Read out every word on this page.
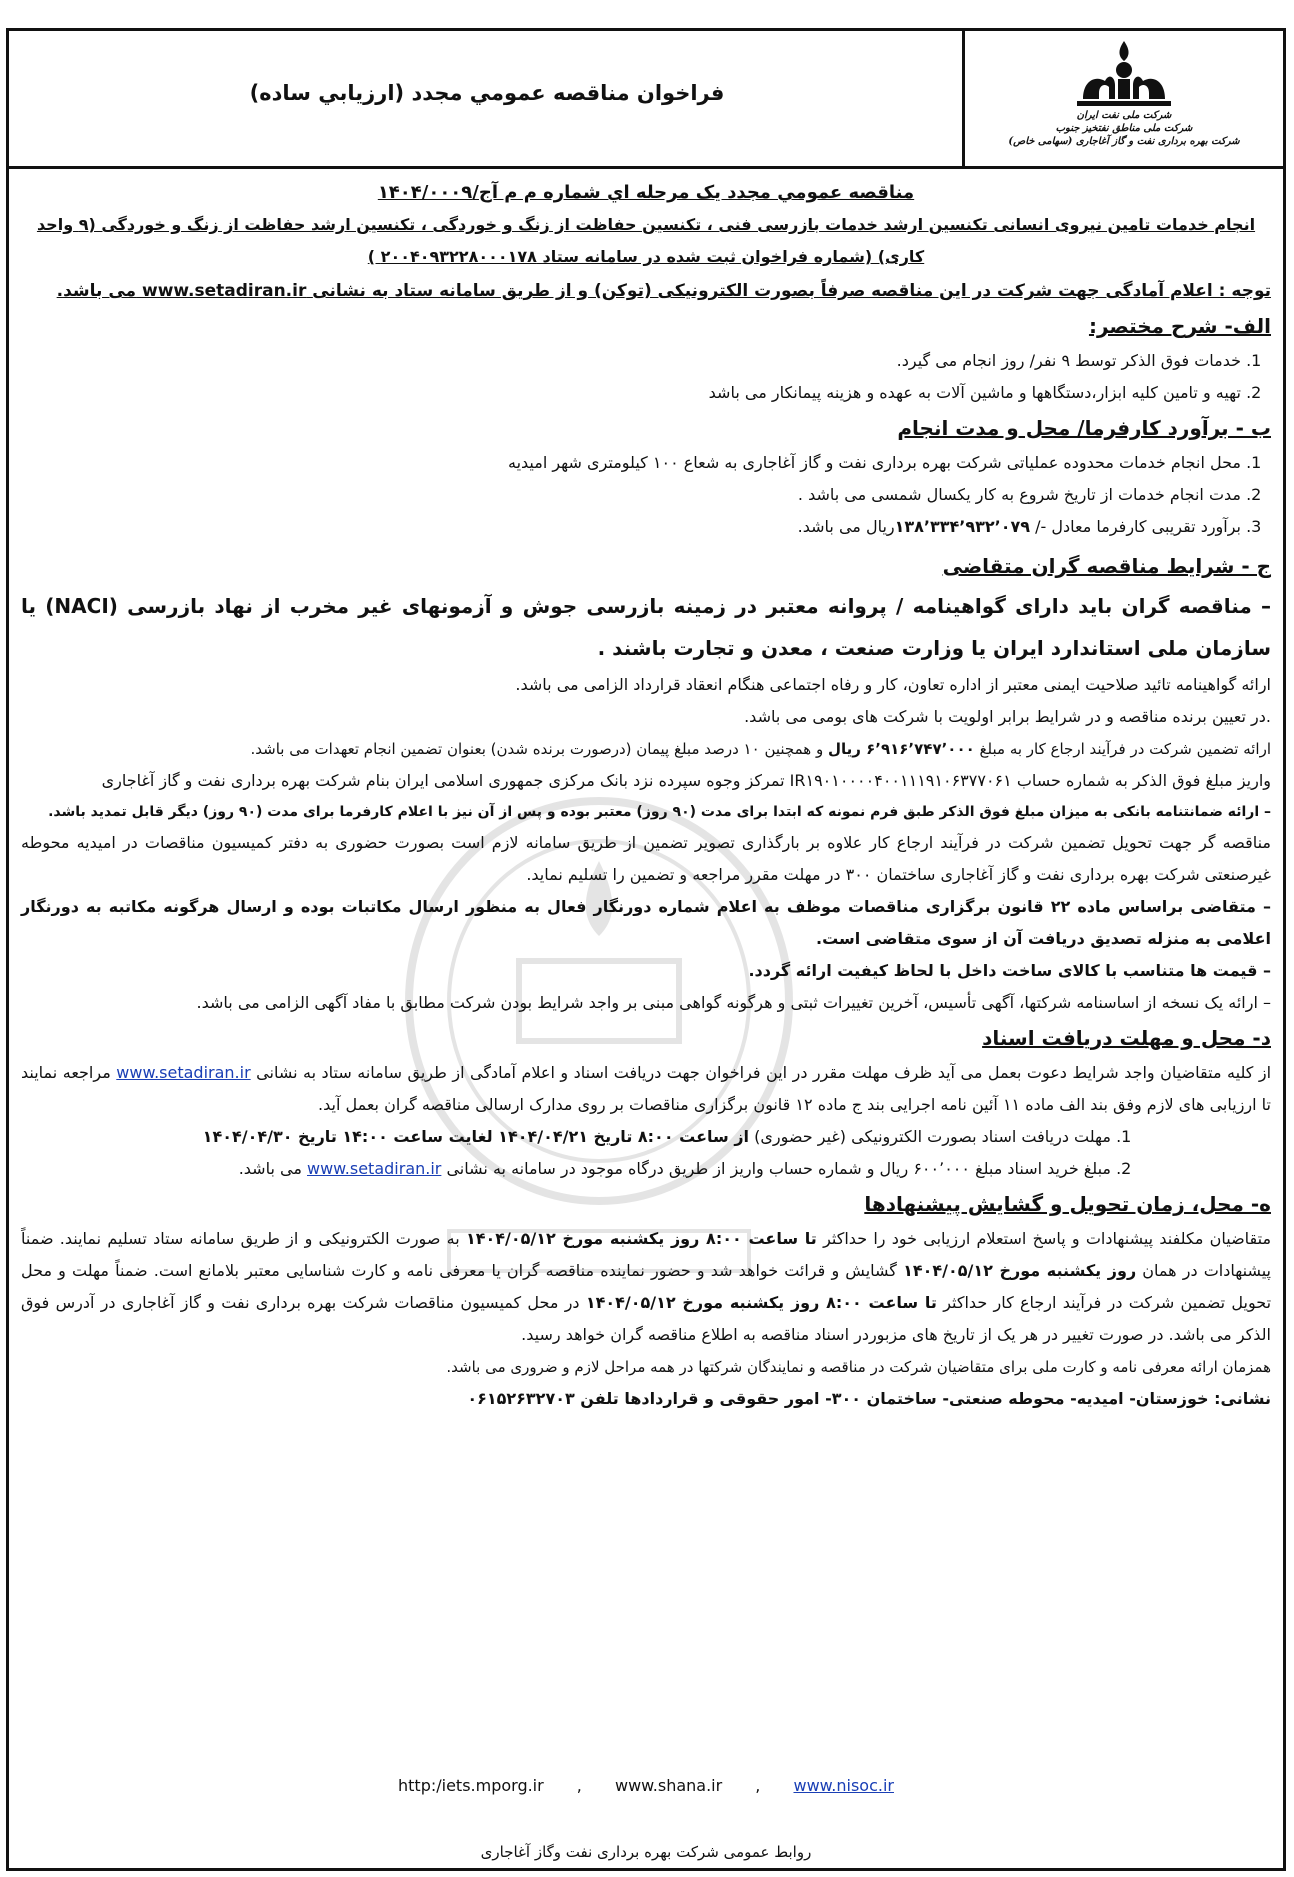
شرکت ملی نفت ایران
شرکت ملی مناطق نفتخیز جنوب
شرکت بهره برداری نفت و گاز آغاجاری (سهامی خاص)
فراخوان مناقصه عمومي مجدد (ارزيابي ساده)

مناقصه عمومي مجدد يک مرحله اي شماره م م آج/۱۴۰۴/۰۰۰۹

انجام خدمات تامین نیروی انسانی تکنسین ارشد خدمات بازرسی فنی ، تکنسین حفاظت از زنگ و خوردگی ، تکنسین ارشد حفاظت از زنگ و خوردگی (۹ واحد کاری) (شماره فراخوان ثبت شده در سامانه ستاد ۲۰۰۴۰۹۳۲۲۸۰۰۰۱۷۸ )

توجه : اعلام آمادگی جهت شرکت در این مناقصه صرفاً بصورت الکترونیکی (توکن) و از طریق سامانه ستاد به نشانی www.setadiran.ir می باشد.

الف- شرح مختصر:

1. خدمات فوق الذکر توسط ۹ نفر/ روز انجام می گیرد.
2. تهیه و تامین کلیه ابزار،دستگاهها و ماشین آلات به عهده و هزینه پیمانکار می باشد

ب - برآورد کارفرما/ محل و مدت انجام

1. محل انجام خدمات محدوده عملیاتی شرکت بهره برداری نفت و گاز آغاجاری به شعاع ۱۰۰ کیلومتری شهر امیدیه
2. مدت انجام خدمات از تاریخ شروع به کار یکسال شمسی می باشد .
3. برآورد تقریبی کارفرما معادل -/ ۱۳۸٬۳۳۴٬۹۳۲٬۰۷۹ریال می باشد.

ج - شرایط مناقصه گران متقاضی

– مناقصه گران باید دارای گواهینامه / پروانه معتبر در زمینه بازرسی جوش و آزمونهای غیر مخرب از نهاد بازرسی (NACI) یا سازمان ملی استاندارد ایران یا وزارت صنعت ، معدن و تجارت باشند .

ارائه گواهینامه تائید صلاحیت ایمنی معتبر از اداره تعاون، کار و رفاه اجتماعی هنگام انعقاد قرارداد الزامی می باشد.

.در تعیین برنده مناقصه و در شرایط برابر اولویت با شرکت های بومی می باشد.

ارائه تضمین شرکت در فرآیند ارجاع کار به مبلغ ۶٬۹۱۶٬۷۴۷٬۰۰۰ ریال و همچنین ۱۰ درصد مبلغ پیمان (درصورت برنده شدن) بعنوان تضمین انجام تعهدات می باشد.

واریز مبلغ فوق الذکر به شماره حساب IR۱۹۰۱۰۰۰۰۴۰۰۱۱۱۹۱۰۶۳۷۷۰۶۱ تمرکز وجوه سپرده نزد بانک مرکزی جمهوری اسلامی ایران بنام شرکت بهره برداری نفت و گاز آغاجاری

– ارائه ضمانتنامه بانکی به میزان مبلغ فوق الذکر طبق فرم نمونه که ابتدا برای مدت (۹۰ روز) معتبر بوده و پس از آن نیز با اعلام کارفرما برای مدت (۹۰ روز) دیگر قابل تمدید باشد.

مناقصه گر جهت تحویل تضمین شرکت در فرآیند ارجاع کار علاوه بر بارگذاری تصویر تضمین از طریق سامانه لازم است بصورت حضوری به دفتر کمیسیون مناقصات در امیدیه محوطه غیرصنعتی شرکت بهره برداری نفت و گاز آغاجاری ساختمان ۳۰۰ در مهلت مقرر مراجعه و تضمین را تسلیم نماید.

– متقاضی براساس ماده ۲۲ قانون برگزاری مناقصات موظف به اعلام شماره دورنگار فعال به منظور ارسال مکاتبات بوده و ارسال هرگونه مکاتبه به دورنگار اعلامی به منزله تصدیق دریافت آن از سوی متقاضی است.

– قیمت ها متناسب با کالای ساخت داخل با لحاظ کیفیت ارائه گردد.

– ارائه یک نسخه از اساسنامه شرکتها، آگهی تأسیس، آخرین تغییرات ثبتی و هرگونه گواهی مبنی بر واجد شرایط بودن شرکت مطابق با مفاد آگهی الزامی می باشد.

د- محل و مهلت دریافت اسناد

از کلیه متقاضیان واجد شرایط دعوت بعمل می آید ظرف مهلت مقرر در این فراخوان جهت دریافت اسناد و اعلام آمادگی از طریق سامانه ستاد به نشانی www.setadiran.ir مراجعه نمایند تا ارزیابی های لازم وفق بند الف ماده ۱۱ آئین نامه اجرایی بند ج ماده ۱۲ قانون برگزاری مناقصات بر روی مدارک ارسالی مناقصه گران بعمل آید.

1. مهلت دریافت اسناد بصورت الکترونیکی (غیر حضوری) از ساعت ۸:۰۰ تاریخ ۱۴۰۴/۰۴/۲۱ لغایت ساعت ۱۴:۰۰ تاریخ ۱۴۰۴/۰۴/۳۰
2. مبلغ خرید اسناد مبلغ ۶۰۰٬۰۰۰ ریال و شماره حساب واریز از طریق درگاه موجود در سامانه به نشانی www.setadiran.ir می باشد.

ه- محل، زمان تحویل و گشایش پیشنهادها

متقاضیان مکلفند پیشنهادات و پاسخ استعلام ارزیابی خود را حداکثر تا ساعت ۸:۰۰ روز یکشنبه مورخ ۱۴۰۴/۰۵/۱۲ به صورت الکترونیکی و از طریق سامانه ستاد تسلیم نمایند. ضمناً پیشنهادات در همان روز یکشنبه مورخ ۱۴۰۴/۰۵/۱۲ گشایش و قرائت خواهد شد و حضور نماینده مناقصه گران یا معرفی نامه و کارت شناسایی معتبر بلامانع است. ضمناً مهلت و محل تحویل تضمین شرکت در فرآیند ارجاع کار حداکثر تا ساعت ۸:۰۰ روز یکشنبه مورخ ۱۴۰۴/۰۵/۱۲ در محل کمیسیون مناقصات شرکت بهره برداری نفت و گاز آغاجاری در آدرس فوق الذکر می باشد. در صورت تغییر در هر یک از تاریخ های مزبوردر اسناد مناقصه به اطلاع مناقصه گران خواهد رسید.

همزمان ارائه معرفی نامه و کارت ملی برای متقاضیان شرکت در مناقصه و نمایندگان شرکتها در همه مراحل لازم و ضروری می باشد.

نشانی: خوزستان- امیدیه- محوطه صنعتی- ساختمان ۳۰۰- امور حقوقی و قراردادها تلفن ۰۶۱۵۲۶۳۲۷۰۳

http:/iets.mporg.ir , www.shana.ir , www.nisoc.ir
روابط عمومی شرکت بهره برداری نفت وگاز آغاجاری
